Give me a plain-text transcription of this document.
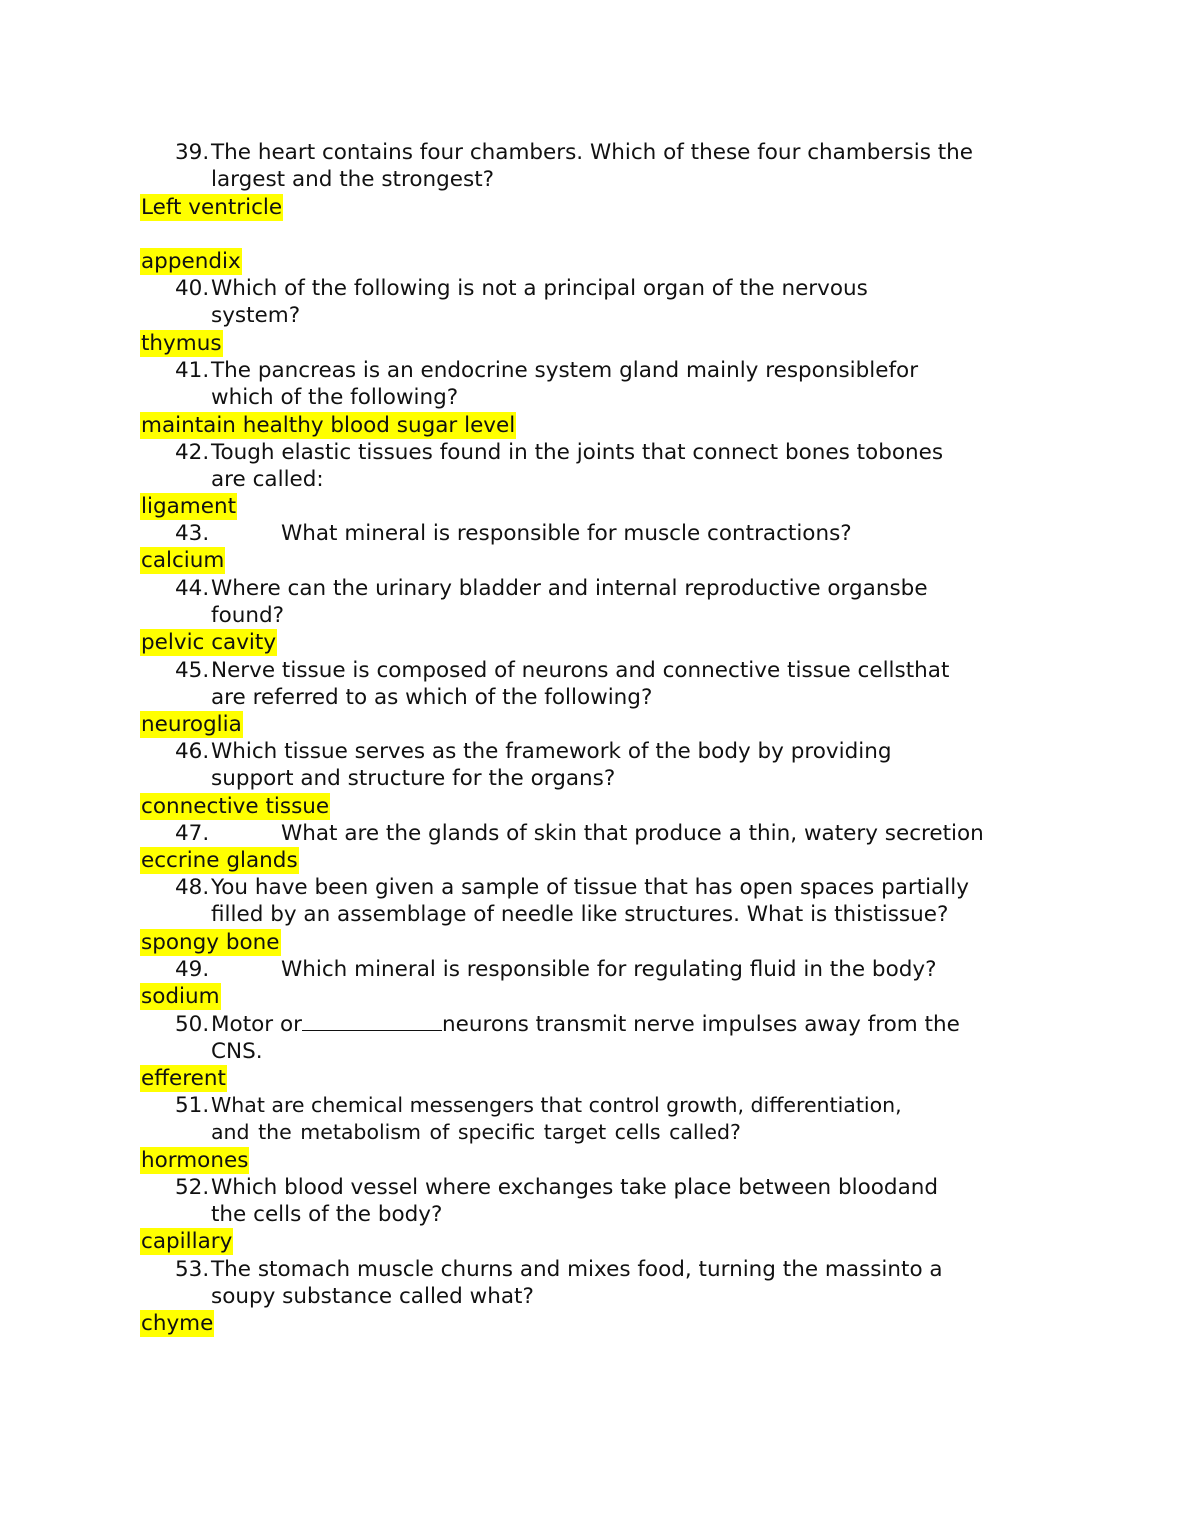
39. The heart contains four chambers. Which of these four chambersis the
largest and the strongest?
Left ventricle
appendix
40. Which of the following is not a principal organ of the nervous
system?
thymus
41. The pancreas is an endocrine system gland mainly responsiblefor
which of the following?
maintain healthy blood sugar level
42. Tough elastic tissues found in the joints that connect bones tobones
are called:
ligament
43.	What mineral is responsible for muscle contractions?
calcium
44. Where can the urinary bladder and internal reproductive organsbe
found?
pelvic cavity
45. Nerve tissue is composed of neurons and connective tissue cellsthat
are referred to as which of the following?
neuroglia
46. Which tissue serves as the framework of the body by providing
support and structure for the organs?
connective tissue
47.	What are the glands of skin that produce a thin, watery secretion
eccrine glands
48. You have been given a sample of tissue that has open spaces partially
filled by an assemblage of needle like structures. What is thistissue?
spongy bone
49.	Which mineral is responsible for regulating fluid in the body?
sodium
50. Motor or	neurons transmit nerve impulses away from the
CNS.
efferent
51. What are chemical messengers that control growth, differentiation,
and the metabolism of specific target cells called?
hormones
52. Which blood vessel where exchanges take place between bloodand
the cells of the body?
capillary
53. The stomach muscle churns and mixes food, turning the massinto a
soupy substance called what?
chyme
